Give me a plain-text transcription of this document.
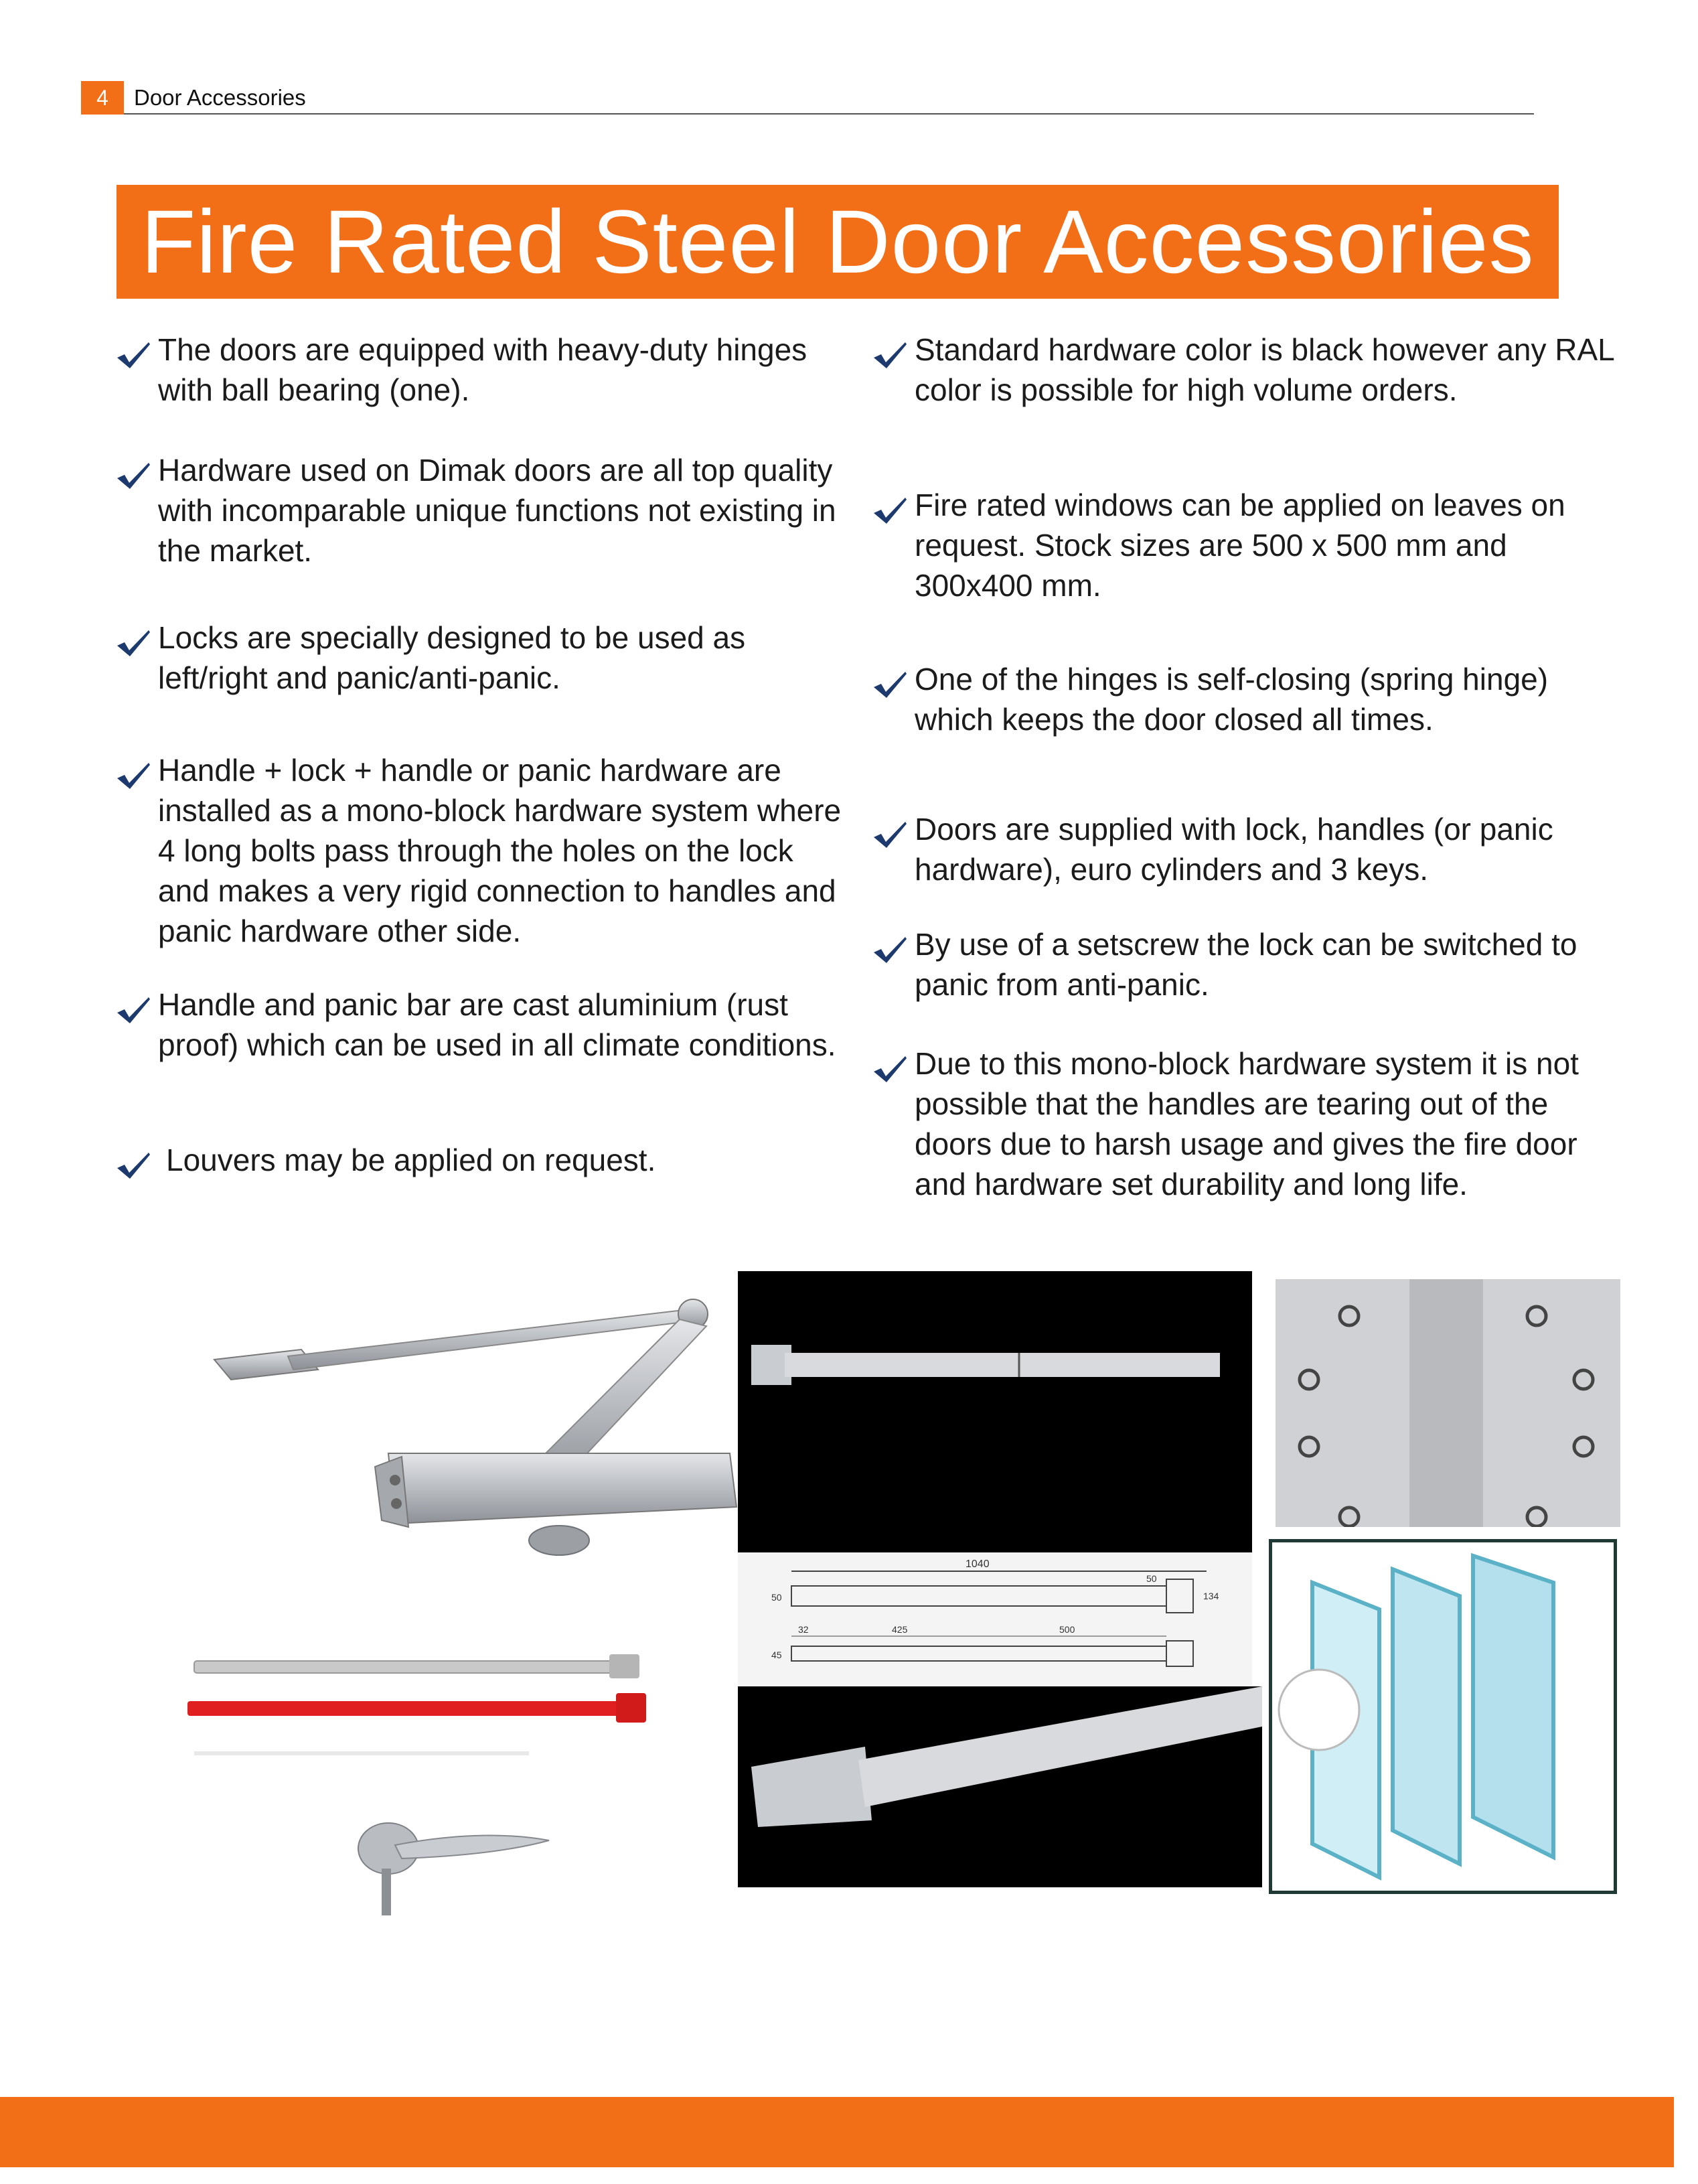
4	Door Accessories
Fire Rated Steel Door Accessories
The doors are equipped with heavy-duty hinges with ball bearing (one).
Hardware used on Dimak doors are all top quality with incomparable unique functions not existing in the market.
Locks are specially designed to be used as left/right and panic/anti-panic.
Handle + lock + handle or panic hardware are installed as a mono-block hardware system where 4 long bolts pass through the holes on the lock and makes a very rigid connection to handles and panic hardware other side.
Handle and panic bar are cast aluminium (rust proof) which can be used in all climate conditions.
Louvers may be applied on request.
Standard hardware color is black however any RAL color is possible for high volume orders.
Fire rated windows can be applied on leaves on request. Stock sizes are 500 x 500 mm and 300x400 mm.
One of the hinges is self-closing (spring hinge) which keeps the door closed all times.
Doors are supplied with lock, handles (or panic hardware), euro cylinders and 3 keys.
By use of a setscrew the lock can be switched to panic from anti-panic.
Due to this mono-block hardware system it is not possible that the handles are tearing out of the doors due to harsh usage and gives the fire door and hardware set durability and long life.
1040
50
32	425	500
45
50
134
